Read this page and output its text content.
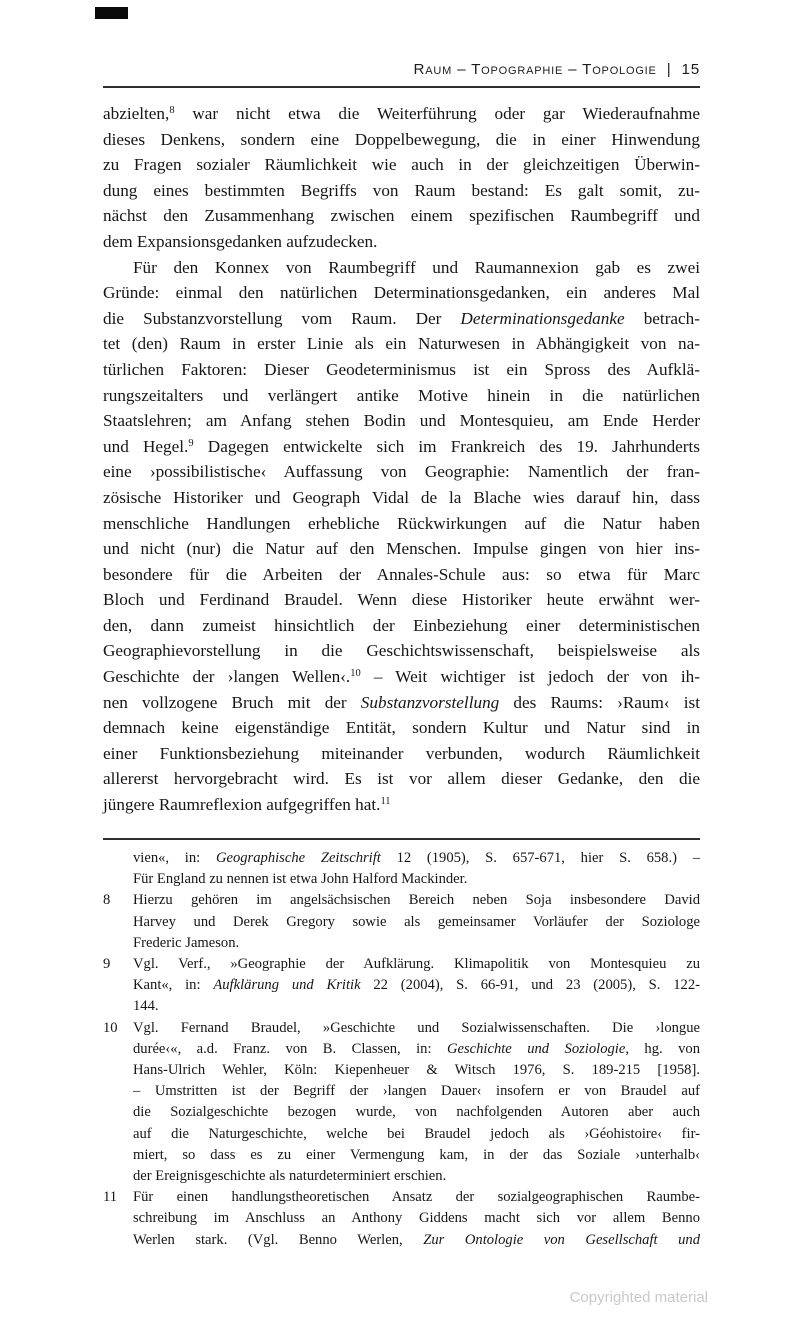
Raum – Topographie – Topologie | 15
abzielten,$^8$ war nicht etwa die Weiterführung oder gar Wiederaufnahme
dieses Denkens, sondern eine Doppelbewegung, die in einer Hinwendung
zu Fragen sozialer Räumlichkeit wie auch in der gleichzeitigen Überwin-
dung eines bestimmten Begriffs von Raum bestand: Es galt somit, zu-
nächst den Zusammenhang zwischen einem spezifischen Raumbegriff und
dem Expansionsgedanken aufzudecken.
Für den Konnex von Raumbegriff und Raumannexion gab es zwei
Gründe: einmal den natürlichen Determinationsgedanken, ein anderes Mal
die Substanzvorstellung vom Raum. Der Determinationsgedanke betrach-
tet (den) Raum in erster Linie als ein Naturwesen in Abhängigkeit von na-
türlichen Faktoren: Dieser Geodeterminismus ist ein Spross des Aufklä-
rungszeitalters und verlängert antike Motive hinein in die natürlichen
Staatslehren; am Anfang stehen Bodin und Montesquieu, am Ende Herder
und Hegel.$^9$ Dagegen entwickelte sich im Frankreich des 19. Jahrhunderts
eine ›possibilistische‹ Auffassung von Geographie: Namentlich der fran-
zösische Historiker und Geograph Vidal de la Blache wies darauf hin, dass
menschliche Handlungen erhebliche Rückwirkungen auf die Natur haben
und nicht (nur) die Natur auf den Menschen. Impulse gingen von hier ins-
besondere für die Arbeiten der Annales-Schule aus: so etwa für Marc
Bloch und Ferdinand Braudel. Wenn diese Historiker heute erwähnt wer-
den, dann zumeist hinsichtlich der Einbeziehung einer deterministischen
Geographievorstellung in die Geschichtswissenschaft, beispielsweise als
Geschichte der ›langen Wellen‹.$^{10}$ – Weit wichtiger ist jedoch der von ih-
nen vollzogene Bruch mit der Substanzvorstellung des Raums: ›Raum‹ ist
demnach keine eigenständige Entität, sondern Kultur und Natur sind in
einer Funktionsbeziehung miteinander verbunden, wodurch Räumlichkeit
allererst hervorgebracht wird. Es ist vor allem dieser Gedanke, den die
jüngere Raumreflexion aufgegriffen hat.$^{11}$
vien«, in: Geographische Zeitschrift 12 (1905), S. 657-671, hier S. 658.) –
Für England zu nennen ist etwa John Halford Mackinder.
8	Hierzu gehören im angelsächsischen Bereich neben Soja insbesondere David
Harvey und Derek Gregory sowie als gemeinsamer Vorläufer der Soziologe
Frederic Jameson.
9	Vgl. Verf., »Geographie der Aufklärung. Klimapolitik von Montesquieu zu
Kant«, in: Aufklärung und Kritik 22 (2004), S. 66-91, und 23 (2005), S. 122-
144.
10	Vgl. Fernand Braudel, »Geschichte und Sozialwissenschaften. Die ›longue
durée‹«, a.d. Franz. von B. Classen, in: Geschichte und Soziologie, hg. von
Hans-Ulrich Wehler, Köln: Kiepenheuer & Witsch 1976, S. 189-215 [1958].
– Umstritten ist der Begriff der ›langen Dauer‹ insofern er von Braudel auf
die Sozialgeschichte bezogen wurde, von nachfolgenden Autoren aber auch
auf die Naturgeschichte, welche bei Braudel jedoch als ›Géohistoire‹ fir-
miert, so dass es zu einer Vermengung kam, in der das Soziale ›unterhalb‹
der Ereignisgeschichte als naturdeterminiert erschien.
11	Für einen handlungstheoretischen Ansatz der sozialgeographischen Raumbe-
schreibung im Anschluss an Anthony Giddens macht sich vor allem Benno
Werlen stark. (Vgl. Benno Werlen, Zur Ontologie von Gesellschaft und
Copyrighted material
